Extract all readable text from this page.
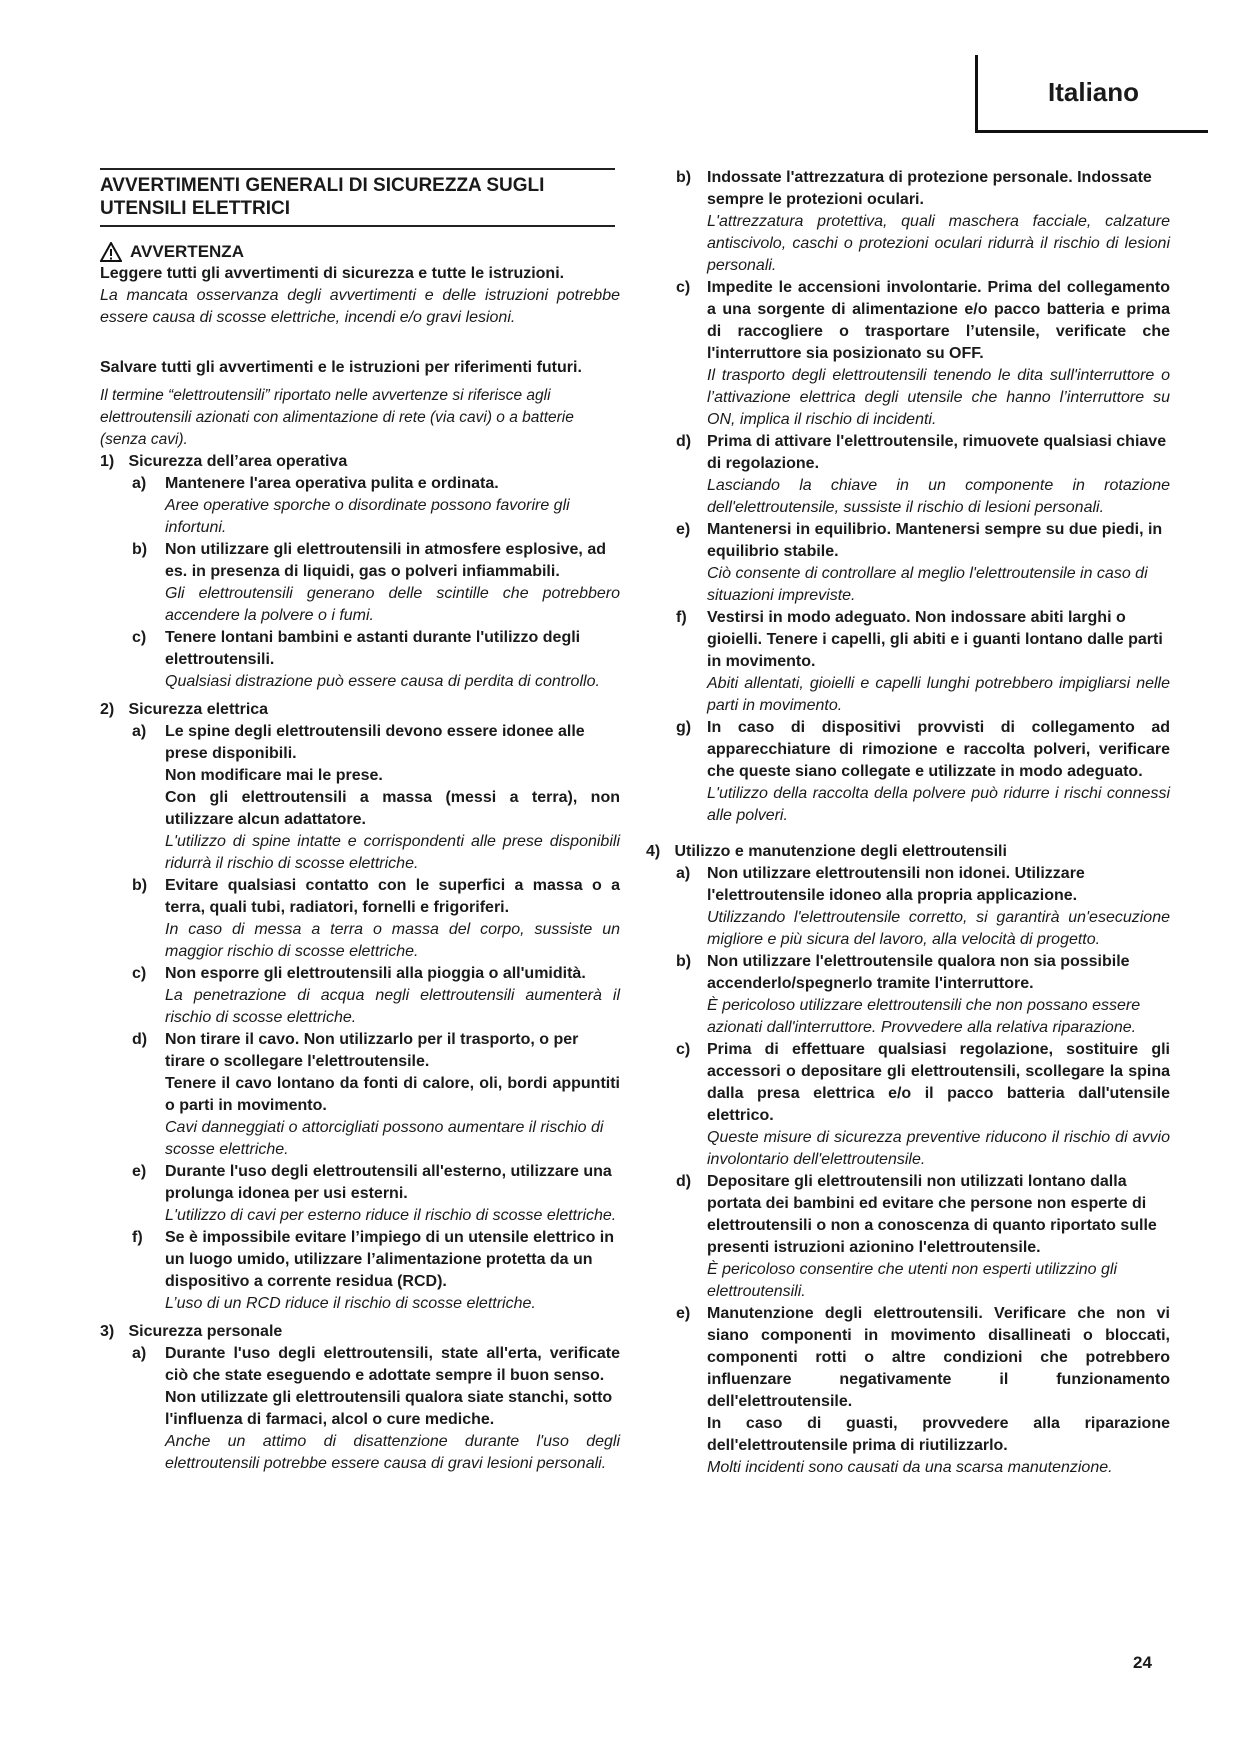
Italiano
AVVERTIMENTI GENERALI DI SICUREZZA SUGLI UTENSILI ELETTRICI
AVVERTENZA

Leggere tutti gli avvertimenti di sicurezza e tutte le istruzioni.

La mancata osservanza degli avvertimenti e delle istruzioni potrebbe essere causa di scosse elettriche, incendi e/o gravi lesioni.

Salvare tutti gli avvertimenti e le istruzioni per riferimenti futuri.

Il termine “elettroutensili” riportato nelle avvertenze si riferisce agli elettroutensili azionati con alimentazione di rete (via cavi) o a batterie (senza cavi).

1) Sicurezza dell’area operativa
a) Mantenere l'area operativa pulita e ordinata.

Aree operative sporche o disordinate possono favorire gli infortuni.

b) Non utilizzare gli elettroutensili in atmosfere esplosive, ad es. in presenza di liquidi, gas o polveri infiammabili.

Gli elettroutensili generano delle scintille che potrebbero accendere la polvere o i fumi.

c) Tenere lontani bambini e astanti durante l'utilizzo degli elettroutensili.

Qualsiasi distrazione può essere causa di perdita di controllo.

2) Sicurezza elettrica
a) Le spine degli elettroutensili devono essere idonee alle prese disponibili.

Non modificare mai le prese.

Con gli elettroutensili a massa (messi a terra), non utilizzare alcun adattatore.

L'utilizzo di spine intatte e corrispondenti alle prese disponibili ridurrà il rischio di scosse elettriche.

b) Evitare qualsiasi contatto con le superfici a massa o a terra, quali tubi, radiatori, fornelli e frigoriferi.

In caso di messa a terra o massa del corpo, sussiste un maggior rischio di scosse elettriche.

c) Non esporre gli elettroutensili alla pioggia o all'umidità.

La penetrazione di acqua negli elettroutensili aumenterà il rischio di scosse elettriche.

d) Non tirare il cavo. Non utilizzarlo per il trasporto, o per tirare o scollegare l'elettroutensile.

Tenere il cavo lontano da fonti di calore, oli, bordi appuntiti o parti in movimento.

Cavi danneggiati o attorcigliati possono aumentare il rischio di scosse elettriche.

e) Durante l'uso degli elettroutensili all'esterno, utilizzare una prolunga idonea per usi esterni.

L'utilizzo di cavi per esterno riduce il rischio di scosse elettriche.

f) Se è impossibile evitare l’impiego di un utensile elettrico in un luogo umido, utilizzare l’alimentazione protetta da un dispositivo a corrente residua (RCD).

L’uso di un RCD riduce il rischio di scosse elettriche.

3) Sicurezza personale
a) Durante l'uso degli elettroutensili, state all'erta, verificate ciò che state eseguendo e adottate sempre il buon senso.

Non utilizzate gli elettroutensili qualora siate stanchi, sotto l'influenza di farmaci, alcol o cure mediche.

Anche un attimo di disattenzione durante l'uso degli elettroutensili potrebbe essere causa di gravi lesioni personali.

b) Indossate l'attrezzatura di protezione personale. Indossate sempre le protezioni oculari.

L'attrezzatura protettiva, quali maschera facciale, calzature antiscivolo, caschi o protezioni oculari ridurrà il rischio di lesioni personali.

c) Impedite le accensioni involontarie. Prima del collegamento a una sorgente di alimentazione e/o pacco batteria e prima di raccogliere o trasportare l’utensile, verificate che l'interruttore sia posizionato su OFF.

Il trasporto degli elettroutensili tenendo le dita sull'interruttore o l’attivazione elettrica degli utensile che hanno l’interruttore su ON, implica il rischio di incidenti.

d) Prima di attivare l'elettroutensile, rimuovete qualsiasi chiave di regolazione.

Lasciando la chiave in un componente in rotazione dell'elettroutensile, sussiste il rischio di lesioni personali.

e) Mantenersi in equilibrio. Mantenersi sempre su due piedi, in equilibrio stabile.

Ciò consente di controllare al meglio l'elettroutensile in caso di situazioni impreviste.

f) Vestirsi in modo adeguato. Non indossare abiti larghi o gioielli. Tenere i capelli, gli abiti e i guanti lontano dalle parti in movimento.

Abiti allentati, gioielli e capelli lunghi potrebbero impigliarsi nelle parti in movimento.

g) In caso di dispositivi provvisti di collegamento ad apparecchiature di rimozione e raccolta polveri, verificare che queste siano collegate e utilizzate in modo adeguato.

L'utilizzo della raccolta della polvere può ridurre i rischi connessi alle polveri.

4) Utilizzo e manutenzione degli elettroutensili
a) Non utilizzare elettroutensili non idonei. Utilizzare l'elettroutensile idoneo alla propria applicazione.

Utilizzando l'elettroutensile corretto, si garantirà un'esecuzione migliore e più sicura del lavoro, alla velocità di progetto.

b) Non utilizzare l'elettroutensile qualora non sia possibile accenderlo/spegnerlo tramite l'interruttore.

È pericoloso utilizzare elettroutensili che non possano essere azionati dall'interruttore. Provvedere alla relativa riparazione.

c) Prima di effettuare qualsiasi regolazione, sostituire gli accessori o depositare gli elettroutensili, scollegare la spina dalla presa elettrica e/o il pacco batteria dall'utensile elettrico.

Queste misure di sicurezza preventive riducono il rischio di avvio involontario dell'elettroutensile.

d) Depositare gli elettroutensili non utilizzati lontano dalla portata dei bambini ed evitare che persone non esperte di elettroutensili o non a conoscenza di quanto riportato sulle presenti istruzioni azionino l'elettroutensile.

È pericoloso consentire che utenti non esperti utilizzino gli elettroutensili.

e) Manutenzione degli elettroutensili. Verificare che non vi siano componenti in movimento disallineati o bloccati, componenti rotti o altre condizioni che potrebbero influenzare negativamente il funzionamento dell'elettroutensile.

In caso di guasti, provvedere alla riparazione dell'elettroutensile prima di riutilizzarlo.

Molti incidenti sono causati da una scarsa manutenzione.

24
